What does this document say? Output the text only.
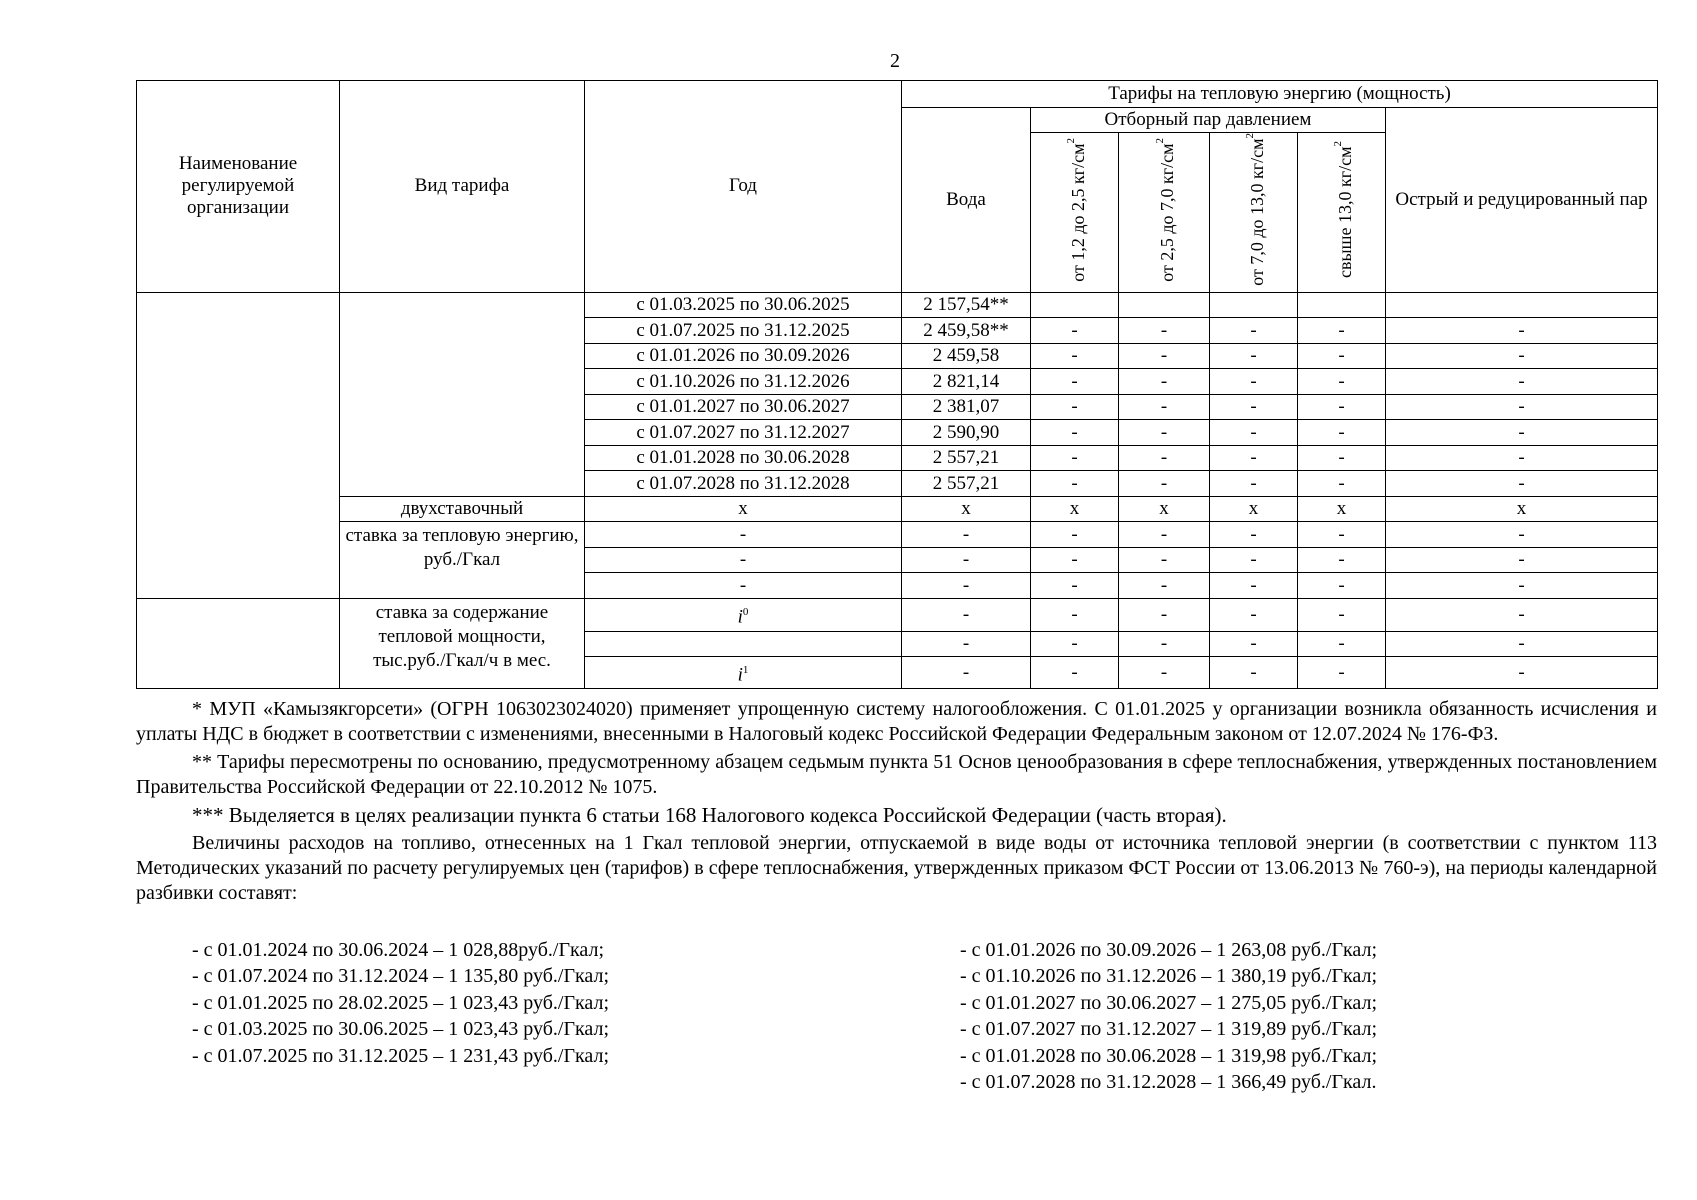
2
Наименование регулируемой организации	Вид тарифа	Год	Тарифы на тепловую энергию (мощность)					
			Вода	Отборный пар давлением				Острый и редуцированный пар
				от 1,2 до 2,5 $кг/см^2$	от 2,5 до 7,0 $кг/см^2$	от 7,0 до 13,0 $кг/см^2$	свыше 13,0 $кг/см^2$
		с 01.03.2025 по 30.06.2025	2 157,54**					
		с 01.07.2025 по 31.12.2025	2 459,58**	-	-	-	-	-
		с 01.01.2026 по 30.09.2026	2 459,58	-	-	-	-	-
		с 01.10.2026 по 31.12.2026	2 821,14	-	-	-	-	-
		с 01.01.2027 по 30.06.2027	2 381,07	-	-	-	-	-
		с 01.07.2027 по 31.12.2027	2 590,90	-	-	-	-	-
		с 01.01.2028 по 30.06.2028	2 557,21	-	-	-	-	-
		с 01.07.2028 по 31.12.2028	2 557,21	-	-	-	-	-
	двухставочный	х	х	х	х	х	х	х
	ставка за тепловую энергию, руб./Гкал	-	-	-	-	-	-	-
		-	-	-	-	-	-	-
		-	-	-	-	-	-	-
	ставка за содержание тепловой мощности, тыс.руб./Гкал/ч в мес.	$i^0$	-	-	-	-	-	-
			-	-	-	-	-	-
		$i^1$	-	-	-	-	-	-

* МУП «Камызякгорсети» (ОГРН 1063023024020) применяет упрощенную систему налогообложения. С 01.01.2025 у организации возникла обязанность исчисления и уплаты НДС в бюджет в соответствии с изменениями, внесенными в Налоговый кодекс Российской Федерации Федеральным законом от 12.07.2024 № 176-ФЗ.

** Тарифы пересмотрены по основанию, предусмотренному абзацем седьмым пункта 51 Основ ценообразования в сфере теплоснабжения, утвержденных постановлением Правительства Российской Федерации от 22.10.2012 № 1075.

*** Выделяется в целях реализации пункта 6 статьи 168 Налогового кодекса Российской Федерации (часть вторая).

Величины расходов на топливо, отнесенных на 1 Гкал тепловой энергии, отпускаемой в виде воды от источника тепловой энергии (в соответствии с пунктом 113 Методических указаний по расчету регулируемых цен (тарифов) в сфере теплоснабжения, утвержденных приказом ФСТ России от 13.06.2013 № 760-э), на периоды календарной разбивки составят:

- с 01.01.2024 по 30.06.2024 – 1 028,88руб./Гкал;
- с 01.07.2024 по 31.12.2024 – 1 135,80 руб./Гкал;
- с 01.01.2025 по 28.02.2025 – 1 023,43 руб./Гкал;
- с 01.03.2025 по 30.06.2025 – 1 023,43 руб./Гкал;
- с 01.07.2025 по 31.12.2025 – 1 231,43 руб./Гкал;
- с 01.01.2026 по 30.09.2026 – 1 263,08 руб./Гкал;
- с 01.10.2026 по 31.12.2026 – 1 380,19 руб./Гкал;
- с 01.01.2027 по 30.06.2027 – 1 275,05 руб./Гкал;
- с 01.07.2027 по 31.12.2027 – 1 319,89 руб./Гкал;
- с 01.01.2028 по 30.06.2028 – 1 319,98 руб./Гкал;
- с 01.07.2028 по 31.12.2028 – 1 366,49 руб./Гкал.
